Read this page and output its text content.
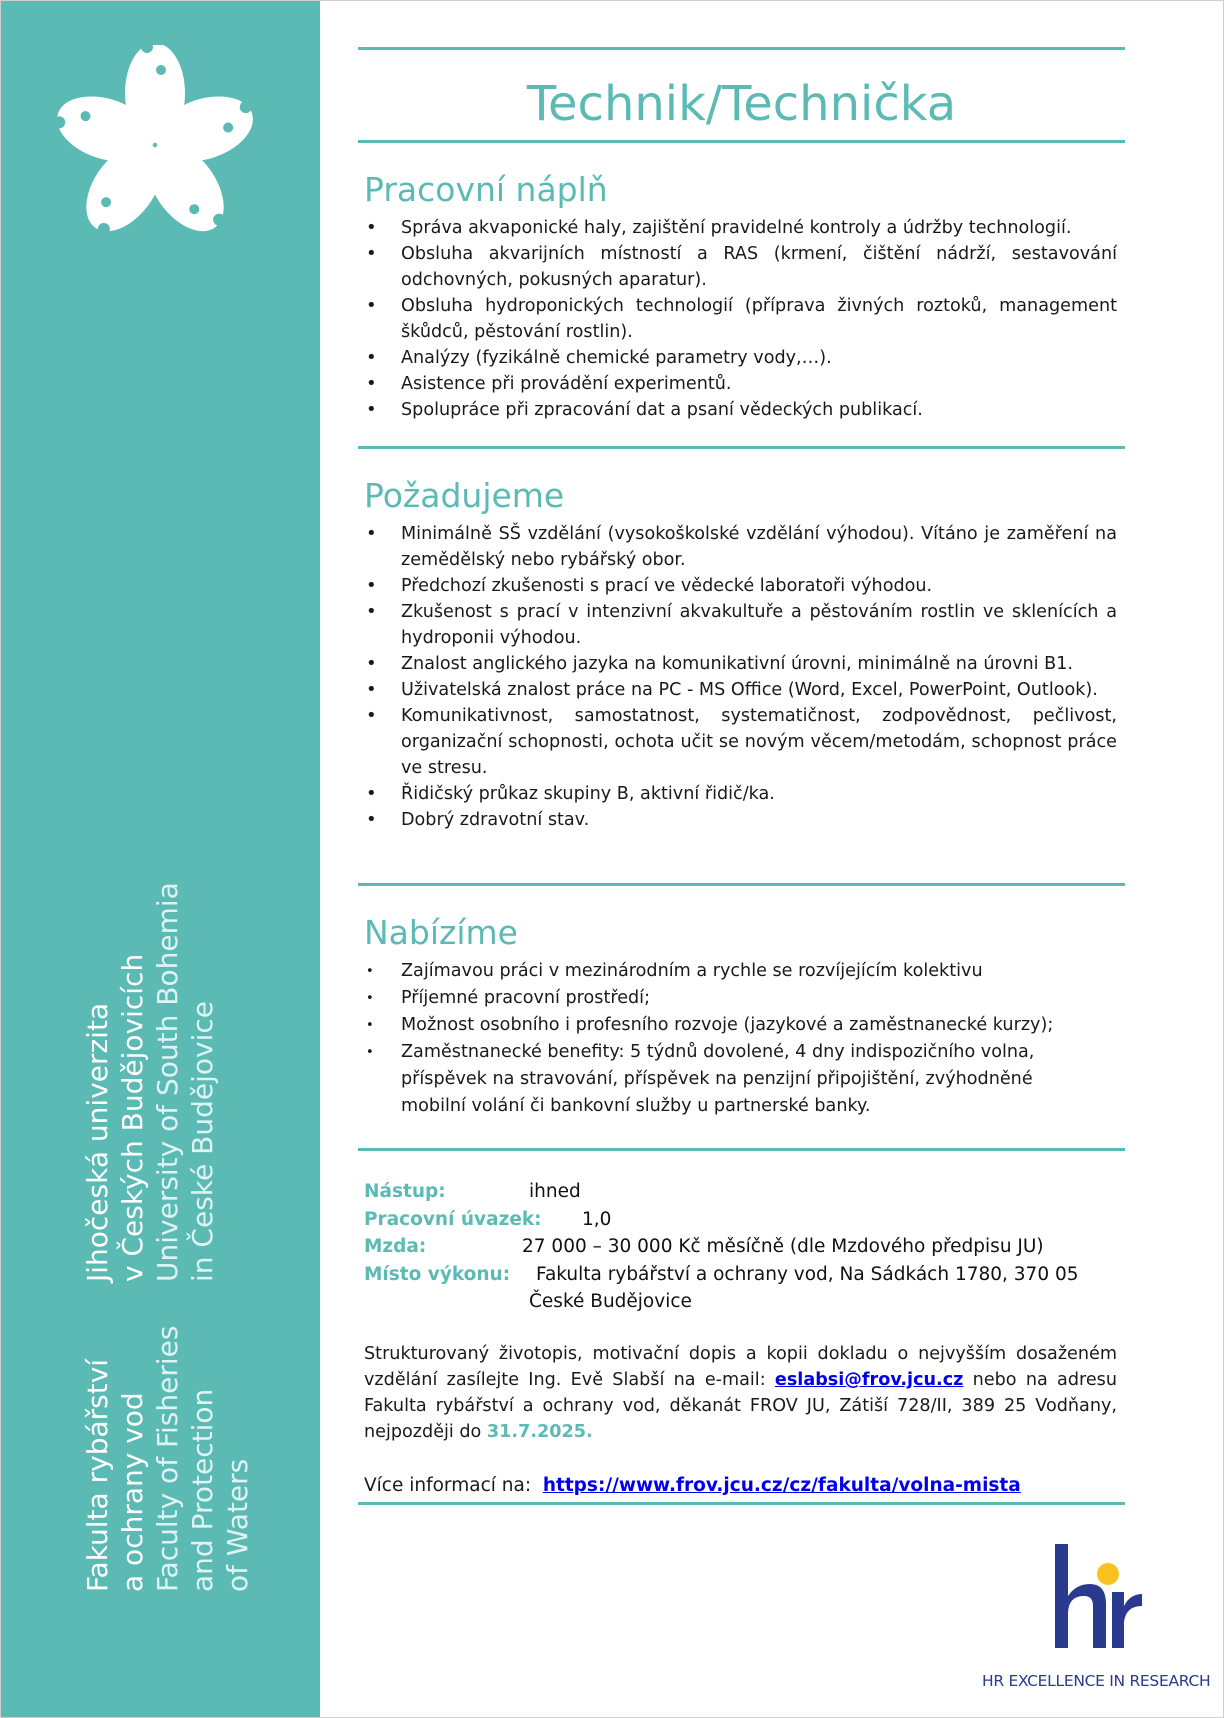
Jihočeská univerzita v Českých Budějovicích University of South Bohemia in České Budějovice
Fakulta rybářství a ochrany vod Faculty of Fisheries and Protection of Waters
Technik/Technička
Pracovní náplň
• Správa akvaponické haly, zajištění pravidelné kontroly a údržby technologií.
• Obsluha akvarijních místností a RAS (krmení, čištění nádrží, sestavování odchovných, pokusných aparatur).
• Obsluha hydroponických technologií (příprava živných roztoků, management škůdců, pěstování rostlin).
• Analýzy (fyzikálně chemické parametry vody,…).
• Asistence při provádění experimentů.
• Spolupráce při zpracování dat a psaní vědeckých publikací.
Požadujeme
• Minimálně SŠ vzdělání (vysokoškolské vzdělání výhodou). Vítáno je zaměření na zemědělský nebo rybářský obor.
• Předchozí zkušenosti s prací ve vědecké laboratoři výhodou.
• Zkušenost s prací v intenzivní akvakultuře a pěstováním rostlin ve sklenících a hydroponii výhodou.
• Znalost anglického jazyka na komunikativní úrovni, minimálně na úrovni B1.
• Uživatelská znalost práce na PC - MS Office (Word, Excel, PowerPoint, Outlook).
• Komunikativnost, samostatnost, systematičnost, zodpovědnost, pečlivost, organizační schopnosti, ochota učit se novým věcem/metodám, schopnost práce ve stresu.
• Řidičský průkaz skupiny B, aktivní řidič/ka.
• Dobrý zdravotní stav.
Nabízíme
• Zajímavou práci v mezinárodním a rychle se rozvíjejícím kolektivu
• Příjemné pracovní prostředí;
• Možnost osobního i profesního rozvoje (jazykové a zaměstnanecké kurzy);
• Zaměstnanecké benefity: 5 týdnů dovolené, 4 dny indispozičního volna, příspěvek na stravování, příspěvek na penzijní připojištění, zvýhodněné mobilní volání či bankovní služby u partnerské banky.
Nástup:	ihned
Pracovní úvazek: 1,0
Mzda:	27 000 – 30 000 Kč měsíčně (dle Mzdového předpisu JU)
Místo výkonu: Fakulta rybářství a ochrany vod, Na Sádkách 1780, 370 05
České Budějovice
Strukturovaný životopis, motivační dopis a kopii dokladu o nejvyšším dosaženém vzdělání zasílejte Ing. Evě Slabší na e-mail: eslabsi@frov.jcu.cz nebo na adresu Fakulta rybářství a ochrany vod, děkanát FROV JU, Zátiší 728/II, 389 25 Vodňany, nejpozději do 31.7.2025.
Více informací na: https://www.frov.jcu.cz/cz/fakulta/volna-mista
HR EXCELLENCE IN RESEARCH
